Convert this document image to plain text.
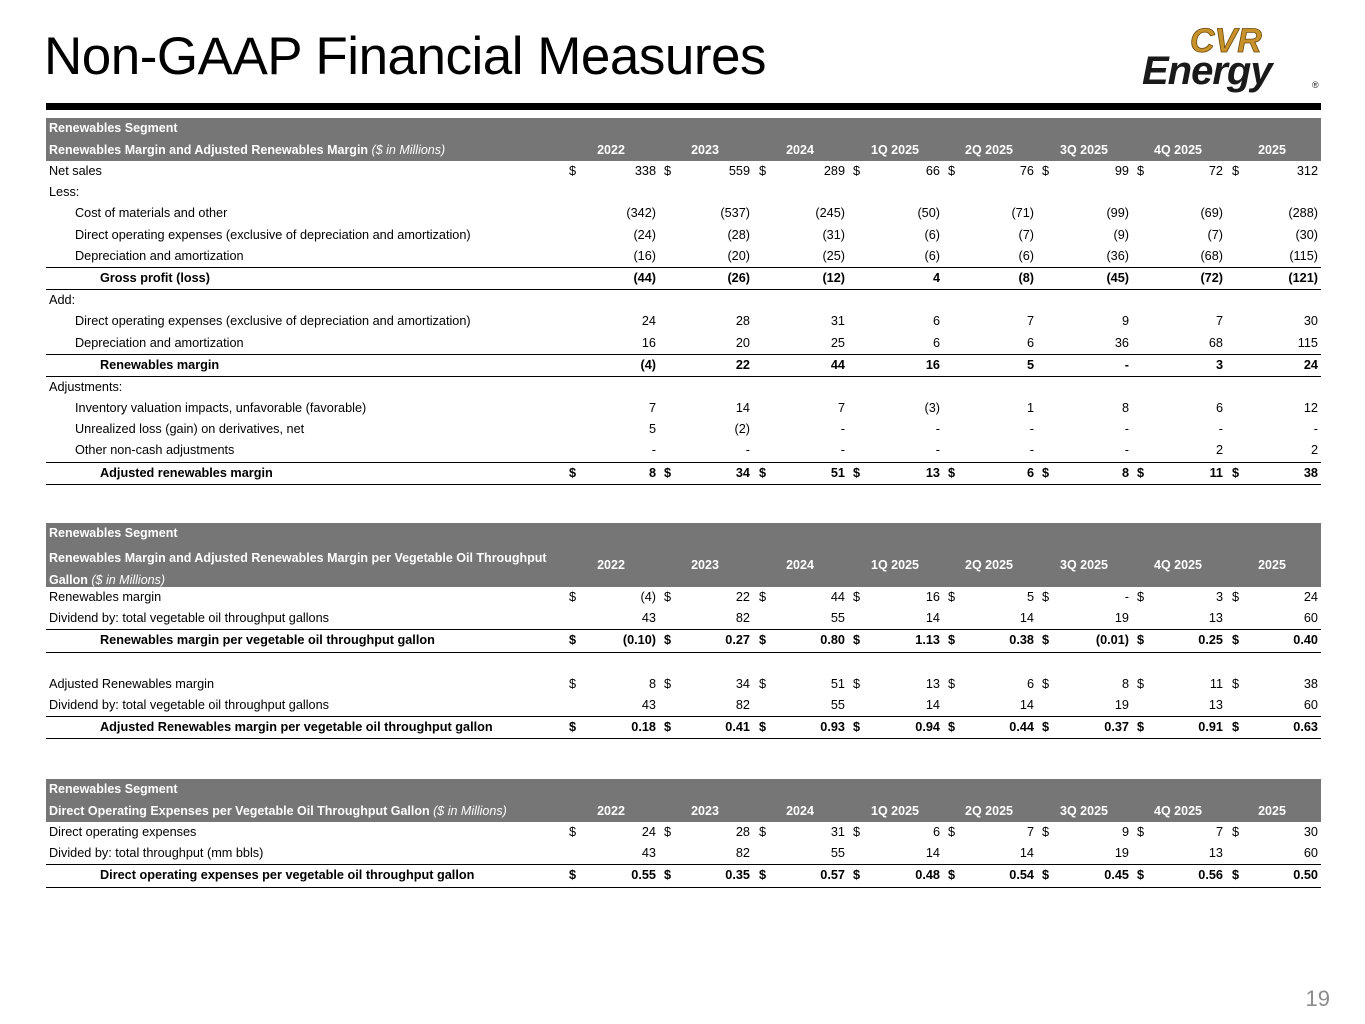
Non-GAAP Financial Measures	CVR
Energy	®
Renewables Segment
Renewables Margin and Adjusted Renewables Margin ($ in Millions)	2022	2023	2024	1Q 2025	2Q 2025	3Q 2025	4Q 2025	2025
Net sales	$	338 $	559 $	289 $	66 $	76 $	99 $	72 $	312
Less:
Cost of materials and other	(342)	(537)	(245)	(50)	(71)	(99)	(69)	(288)
Direct operating expenses (exclusive of depreciation and amortization)	(24)	(28)	(31)	(6)	(7)	(9)	(7)	(30)
Depreciation and amortization	(16)	(20)	(25)	(6)	(6)	(36)	(68)	(115)
Gross profit (loss)	(44)	(26)	(12)	4	(8)	(45)	(72)	(121)
Add:
Direct operating expenses (exclusive of depreciation and amortization)	24	28	31	6	7	9	7	30
Depreciation and amortization	16	20	25	6	6	36	68	115
Renewables margin	(4)	22	44	16	5	-	3	24
Adjustments:
Inventory valuation impacts, unfavorable (favorable)	7	14	7	(3)	1	8	6	12
Unrealized loss (gain) on derivatives, net	5	(2)	-	-	-	-	-	-
Other non-cash adjustments	-	-	-	-	-	-	2	2
Adjusted renewables margin	$	8 $	34 $	51 $	13 $	6 $	8 $	11 $	38
Renewables Segment
Renewables Margin and Adjusted Renewables Margin per Vegetable Oil Throughput Gallon ($ in Millions)
2022	2023	2024	1Q 2025	2Q 2025	3Q 2025	4Q 2025	2025
Renewables margin	$	(4) $	22 $	44 $	16 $	5 $	- $	3 $	24
Dividend by: total vegetable oil throughput gallons	43	82	55	14	14	19	13	60
Renewables margin per vegetable oil throughput gallon	$	(0.10) $	0.27 $	0.80 $	1.13 $	0.38 $	(0.01) $	0.25 $	0.40
Adjusted Renewables margin	$	8 $	34 $	51 $	13 $	6 $	8 $	11 $	38
Dividend by: total vegetable oil throughput gallons	43	82	55	14	14	19	13	60
Adjusted Renewables margin per vegetable oil throughput gallon	$	0.18 $	0.41 $	0.93 $	0.94 $	0.44 $	0.37 $	0.91 $	0.63
Renewables Segment
Direct Operating Expenses per Vegetable Oil Throughput Gallon ($ in Millions)	2022	2023	2024	1Q 2025	2Q 2025	3Q 2025	4Q 2025	2025
Direct operating expenses	$	24 $	28 $	31 $	6 $	7 $	9 $	7 $	30
Divided by: total throughput (mm bbls)	43	82	55	14	14	19	13	60
Direct operating expenses per vegetable oil throughput gallon	$	0.55 $	0.35 $	0.57 $	0.48 $	0.54 $	0.45 $	0.56 $	0.50
19
